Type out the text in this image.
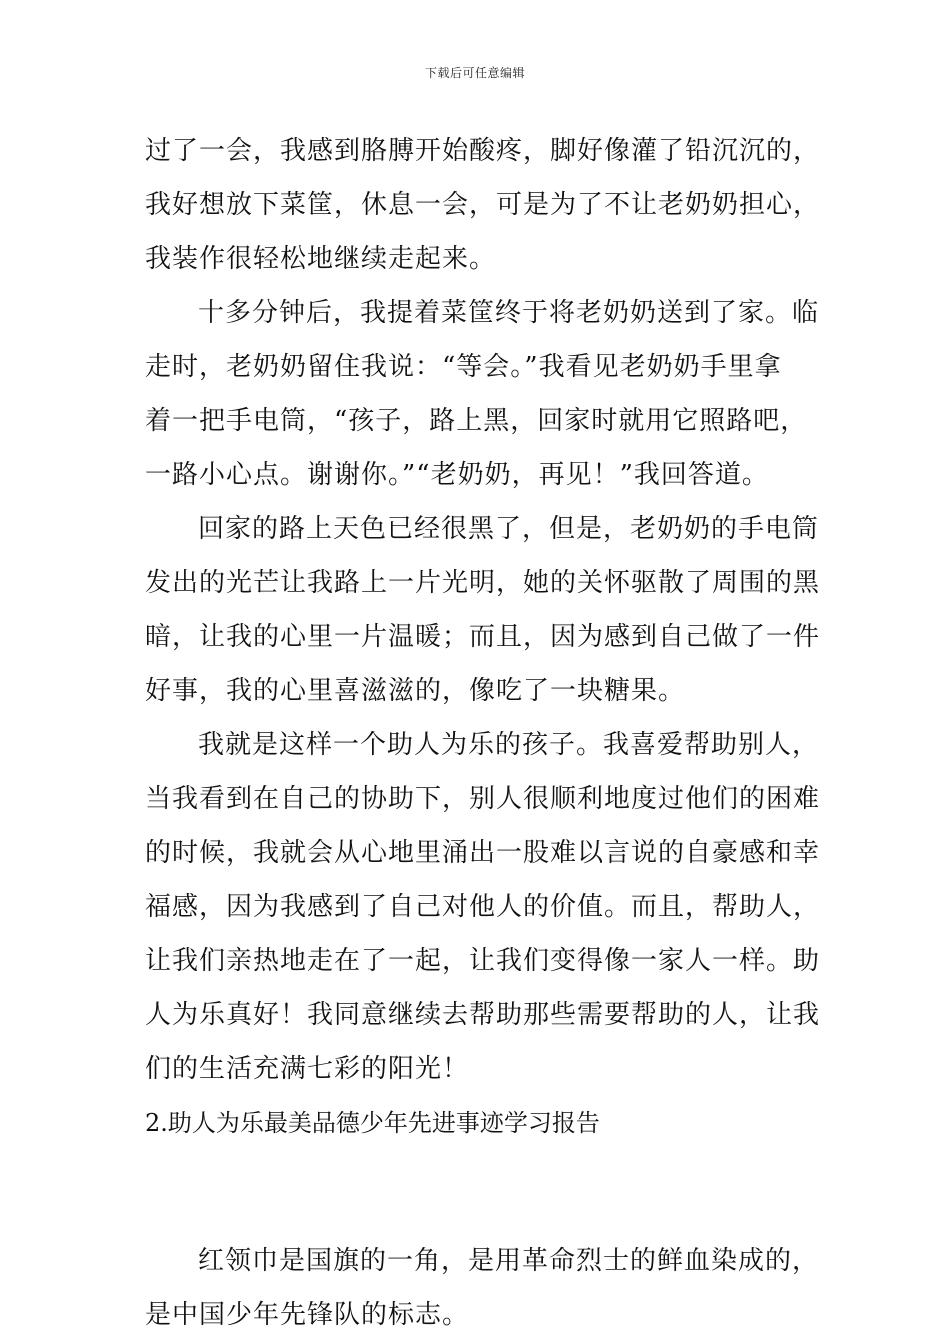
下载后可任意编辑
过了一会，我感到胳膊开始酸疼，脚好像灌了铅沉沉的，
我好想放下菜筐，休息一会，可是为了不让老奶奶担心，
我装作很轻松地继续走起来。
十多分钟后，我提着菜筐终于将老奶奶送到了家。临
走时，老奶奶留住我说：“等会。”我看见老奶奶手里拿
着一把手电筒，“孩子，路上黑，回家时就用它照路吧，
一路小心点。谢谢你。”“老奶奶，再见！”我回答道。
回家的路上天色已经很黑了，但是，老奶奶的手电筒
发出的光芒让我路上一片光明，她的关怀驱散了周围的黑
暗，让我的心里一片温暖；而且，因为感到自己做了一件
好事，我的心里喜滋滋的，像吃了一块糖果。
我就是这样一个助人为乐的孩子。我喜爱帮助别人，
当我看到在自己的协助下，别人很顺利地度过他们的困难
的时候，我就会从心地里涌出一股难以言说的自豪感和幸
福感，因为我感到了自己对他人的价值。而且，帮助人，
让我们亲热地走在了一起，让我们变得像一家人一样。助
人为乐真好！我同意继续去帮助那些需要帮助的人，让我
们的生活充满七彩的阳光！
2.助人为乐最美品德少年先进事迹学习报告
红领巾是国旗的一角，是用革命烈士的鲜血染成的，
是中国少年先锋队的标志。
